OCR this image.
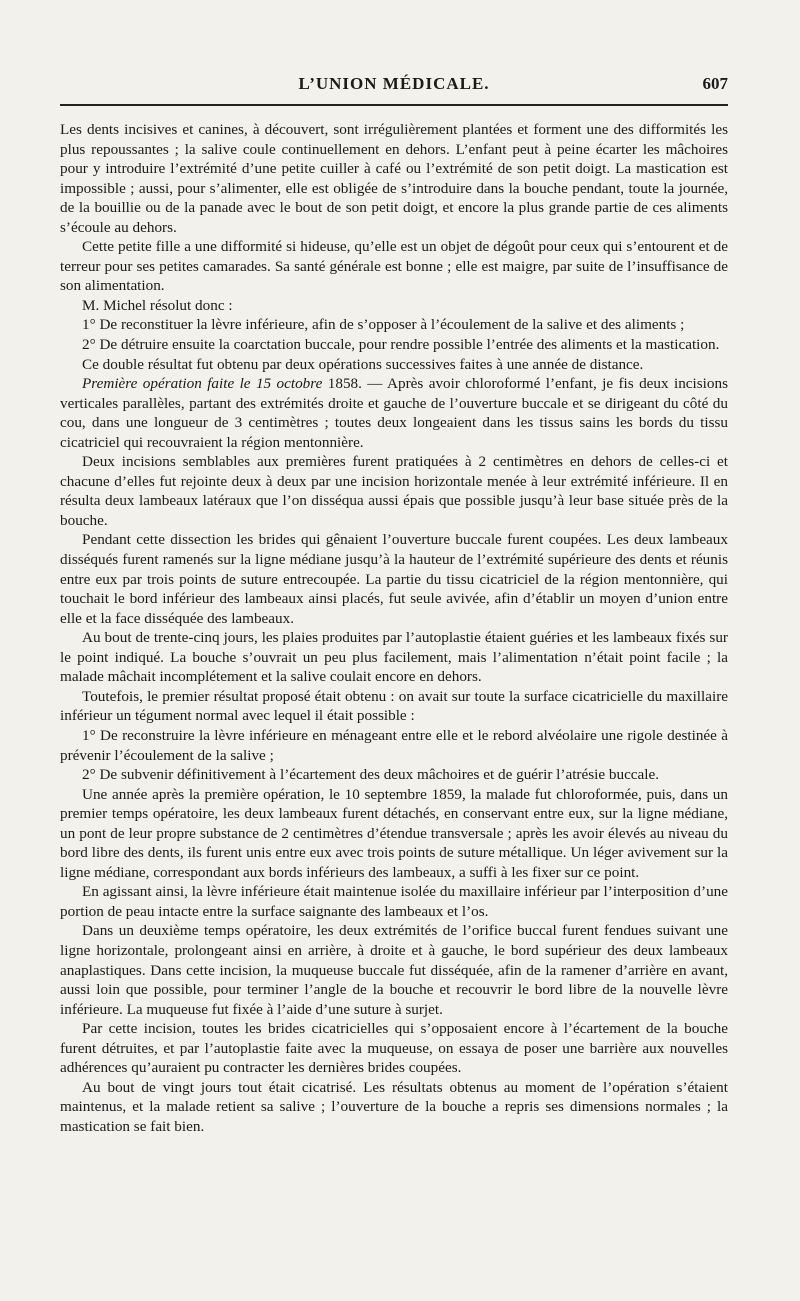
L’UNION MÉDICALE.	607

Les dents incisives et canines, à découvert, sont irrégulièrement plantées et forment une des difformités les plus repoussantes ; la salive coule continuellement en dehors. L’enfant peut à peine écarter les mâchoires pour y introduire l’extrémité d’une petite cuiller à café ou l’extrémité de son petit doigt. La mastication est impossible ; aussi, pour s’alimenter, elle est obligée de s’introduire dans la bouche pendant, toute la journée, de la bouillie ou de la panade avec le bout de son petit doigt, et encore la plus grande partie de ces aliments s’écoule au dehors.

Cette petite fille a une difformité si hideuse, qu’elle est un objet de dégoût pour ceux qui s’entourent et de terreur pour ses petites camarades. Sa santé générale est bonne ; elle est maigre, par suite de l’insuffisance de son alimentation.

M. Michel résolut donc :

1° De reconstituer la lèvre inférieure, afin de s’opposer à l’écoulement de la salive et des aliments ;

2° De détruire ensuite la coarctation buccale, pour rendre possible l’entrée des aliments et la mastication.

Ce double résultat fut obtenu par deux opérations successives faites à une année de distance.

Première opération faite le 15 octobre 1858. — Après avoir chloroformé l’enfant, je fis deux incisions verticales parallèles, partant des extrémités droite et gauche de l’ouverture buccale et se dirigeant du côté du cou, dans une longueur de 3 centimètres ; toutes deux longeaient dans les tissus sains les bords du tissu cicatriciel qui recouvraient la région mentonnière.

Deux incisions semblables aux premières furent pratiquées à 2 centimètres en dehors de celles-ci et chacune d’elles fut rejointe deux à deux par une incision horizontale menée à leur extrémité inférieure. Il en résulta deux lambeaux latéraux que l’on disséqua aussi épais que possible jusqu’à leur base située près de la bouche.

Pendant cette dissection les brides qui gênaient l’ouverture buccale furent coupées. Les deux lambeaux disséqués furent ramenés sur la ligne médiane jusqu’à la hauteur de l’extrémité supérieure des dents et réunis entre eux par trois points de suture entrecoupée. La partie du tissu cicatriciel de la région mentonnière, qui touchait le bord inférieur des lambeaux ainsi placés, fut seule avivée, afin d’établir un moyen d’union entre elle et la face disséquée des lambeaux.

Au bout de trente-cinq jours, les plaies produites par l’autoplastie étaient guéries et les lambeaux fixés sur le point indiqué. La bouche s’ouvrait un peu plus facilement, mais l’alimentation n’était point facile ; la malade mâchait incomplétement et la salive coulait encore en dehors.

Toutefois, le premier résultat proposé était obtenu : on avait sur toute la surface cicatricielle du maxillaire inférieur un tégument normal avec lequel il était possible :

1° De reconstruire la lèvre inférieure en ménageant entre elle et le rebord alvéolaire une rigole destinée à prévenir l’écoulement de la salive ;

2° De subvenir définitivement à l’écartement des deux mâchoires et de guérir l’atrésie buccale.

Une année après la première opération, le 10 septembre 1859, la malade fut chloroformée, puis, dans un premier temps opératoire, les deux lambeaux furent détachés, en conservant entre eux, sur la ligne médiane, un pont de leur propre substance de 2 centimètres d’étendue transversale ; après les avoir élevés au niveau du bord libre des dents, ils furent unis entre eux avec trois points de suture métallique. Un léger avivement sur la ligne médiane, correspondant aux bords inférieurs des lambeaux, a suffi à les fixer sur ce point.

En agissant ainsi, la lèvre inférieure était maintenue isolée du maxillaire inférieur par l’interposition d’une portion de peau intacte entre la surface saignante des lambeaux et l’os.

Dans un deuxième temps opératoire, les deux extrémités de l’orifice buccal furent fendues suivant une ligne horizontale, prolongeant ainsi en arrière, à droite et à gauche, le bord supérieur des deux lambeaux anaplastiques. Dans cette incision, la muqueuse buccale fut disséquée, afin de la ramener d’arrière en avant, aussi loin que possible, pour terminer l’angle de la bouche et recouvrir le bord libre de la nouvelle lèvre inférieure. La muqueuse fut fixée à l’aide d’une suture à surjet.

Par cette incision, toutes les brides cicatricielles qui s’opposaient encore à l’écartement de la bouche furent détruites, et par l’autoplastie faite avec la muqueuse, on essaya de poser une barrière aux nouvelles adhérences qu’auraient pu contracter les dernières brides coupées.

Au bout de vingt jours tout était cicatrisé. Les résultats obtenus au moment de l’opération s’étaient maintenus, et la malade retient sa salive ; l’ouverture de la bouche a repris ses dimensions normales ; la mastication se fait bien.
